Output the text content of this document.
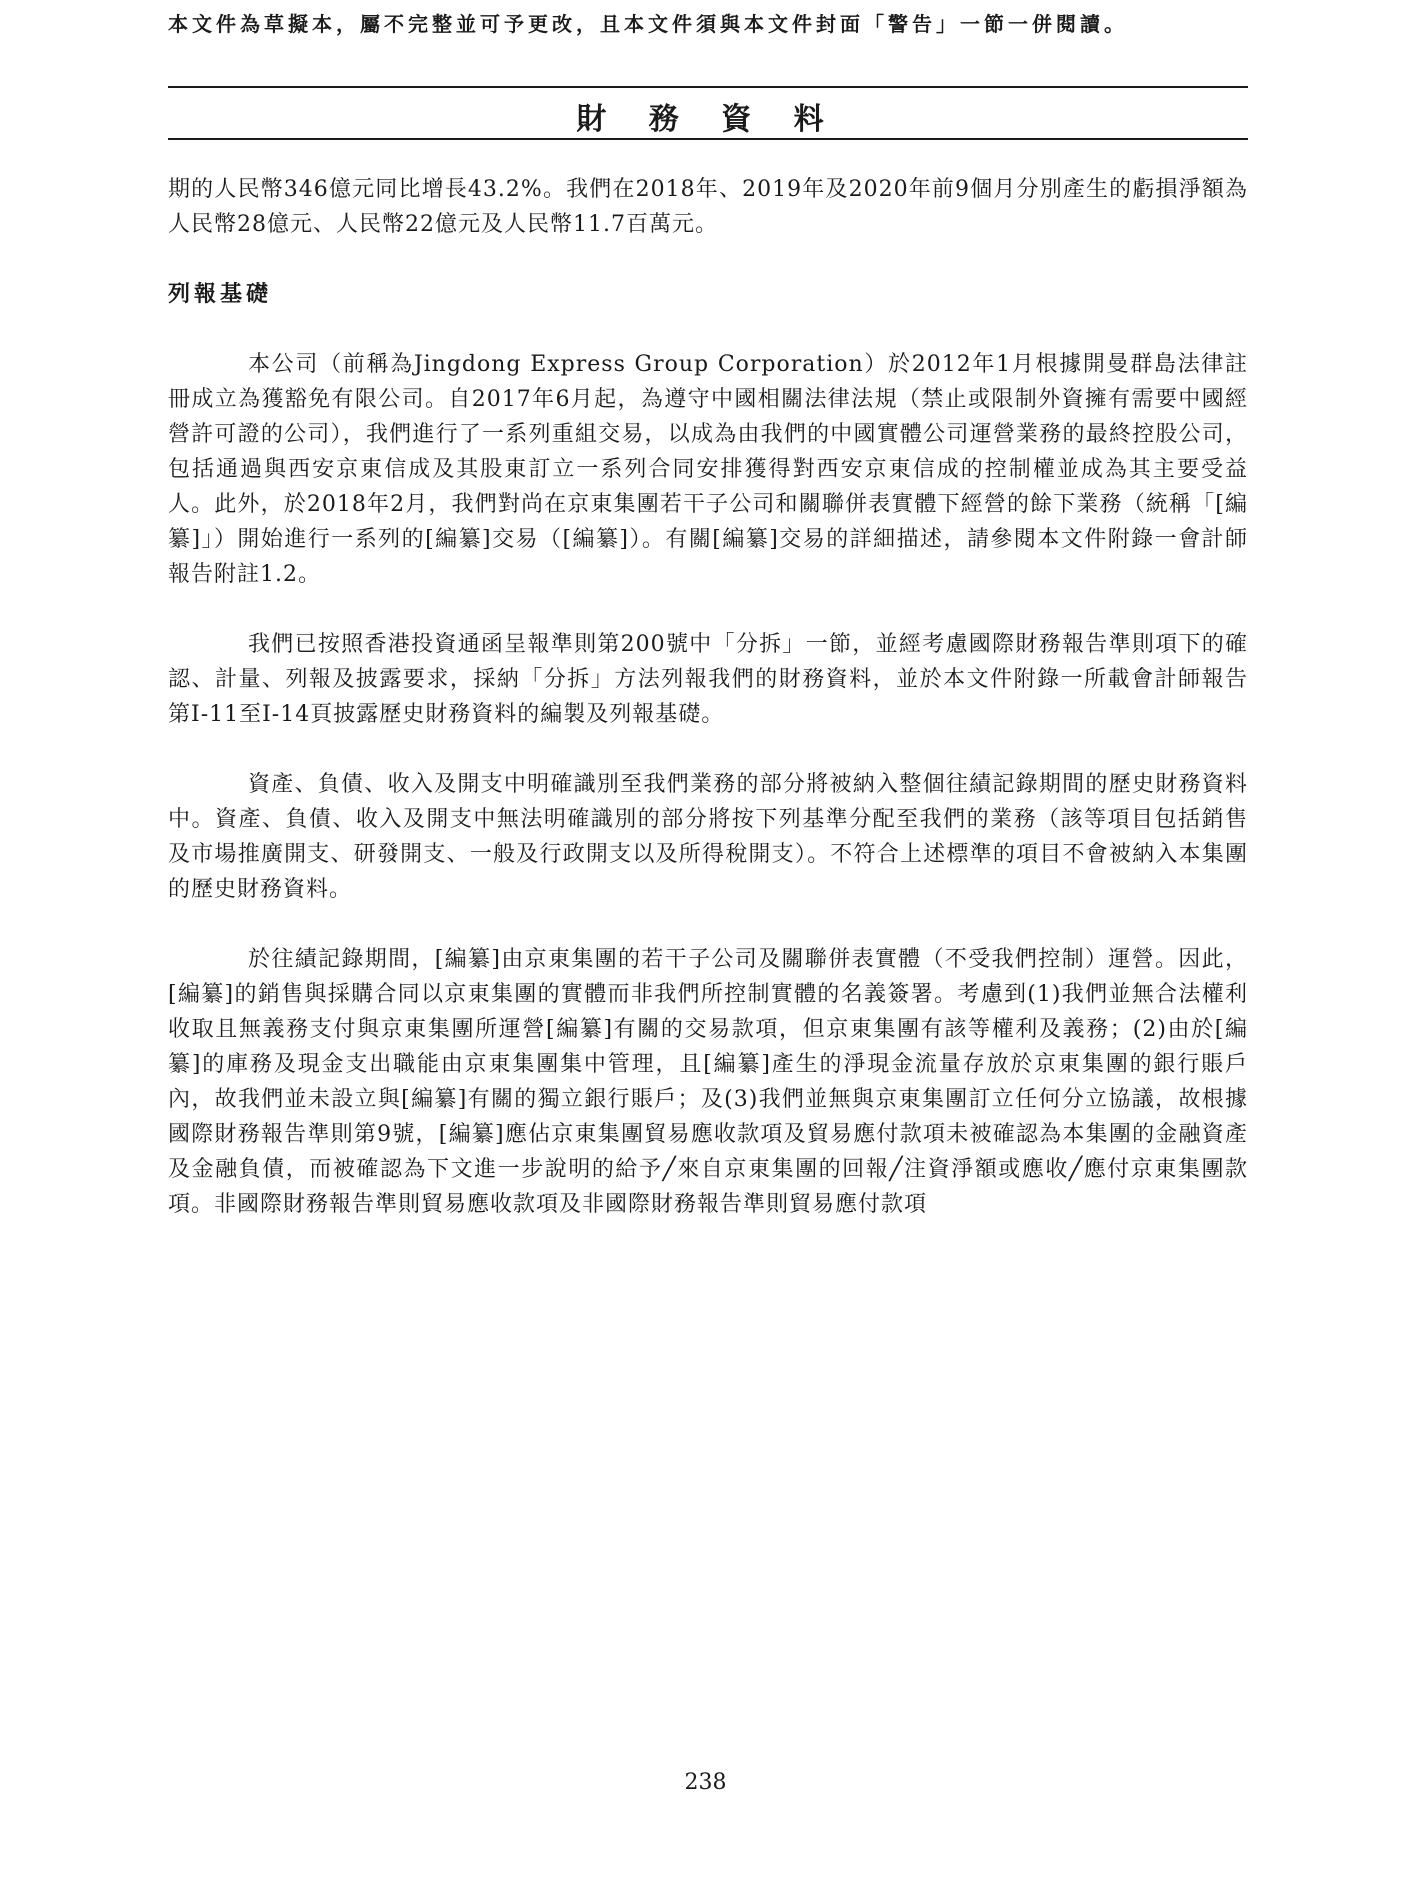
本文件為草擬本，屬不完整並可予更改，且本文件須與本文件封面「警告」一節一併閱讀。
財 務 資 料

期的人民幣346億元同比增長43.2%。我們在2018年、2019年及2020年前9個月分別產生的虧損淨額為人民幣28億元、人民幣22億元及人民幣11.7百萬元。

列報基礎

本公司（前稱為Jingdong Express Group Corporation）於2012年1月根據開曼群島法律註冊成立為獲豁免有限公司。自2017年6月起，為遵守中國相關法律法規（禁止或限制外資擁有需要中國經營許可證的公司），我們進行了一系列重組交易，以成為由我們的中國實體公司運營業務的最終控股公司，包括通過與西安京東信成及其股東訂立一系列合同安排獲得對西安京東信成的控制權並成為其主要受益人。此外，於2018年2月，我們對尚在京東集團若干子公司和關聯併表實體下經營的餘下業務（統稱「[編纂]」）開始進行一系列的[編纂]交易（[編纂]）。有關[編纂]交易的詳細描述，請參閱本文件附錄一會計師報告附註1.2。

我們已按照香港投資通函呈報準則第200號中「分拆」一節，並經考慮國際財務報告準則項下的確認、計量、列報及披露要求，採納「分拆」方法列報我們的財務資料，並於本文件附錄一所載會計師報告第I-11至I-14頁披露歷史財務資料的編製及列報基礎。

資產、負債、收入及開支中明確識別至我們業務的部分將被納入整個往績記錄期間的歷史財務資料中。資產、負債、收入及開支中無法明確識別的部分將按下列基準分配至我們的業務（該等項目包括銷售及市場推廣開支、研發開支、一般及行政開支以及所得稅開支）。不符合上述標準的項目不會被納入本集團的歷史財務資料。

於往績記錄期間，[編纂]由京東集團的若干子公司及關聯併表實體（不受我們控制）運營。因此，[編纂]的銷售與採購合同以京東集團的實體而非我們所控制實體的名義簽署。考慮到(1)我們並無合法權利收取且無義務支付與京東集團所運營[編纂]有關的交易款項，但京東集團有該等權利及義務；(2)由於[編纂]的庫務及現金支出職能由京東集團集中管理，且[編纂]產生的淨現金流量存放於京東集團的銀行賬戶內，故我們並未設立與[編纂]有關的獨立銀行賬戶；及(3)我們並無與京東集團訂立任何分立協議，故根據國際財務報告準則第9號，[編纂]應佔京東集團貿易應收款項及貿易應付款項未被確認為本集團的金融資產及金融負債，而被確認為下文進一步說明的給予╱來自京東集團的回報╱注資淨額或應收╱應付京東集團款項。非國際財務報告準則貿易應收款項及非國際財務報告準則貿易應付款項

238
